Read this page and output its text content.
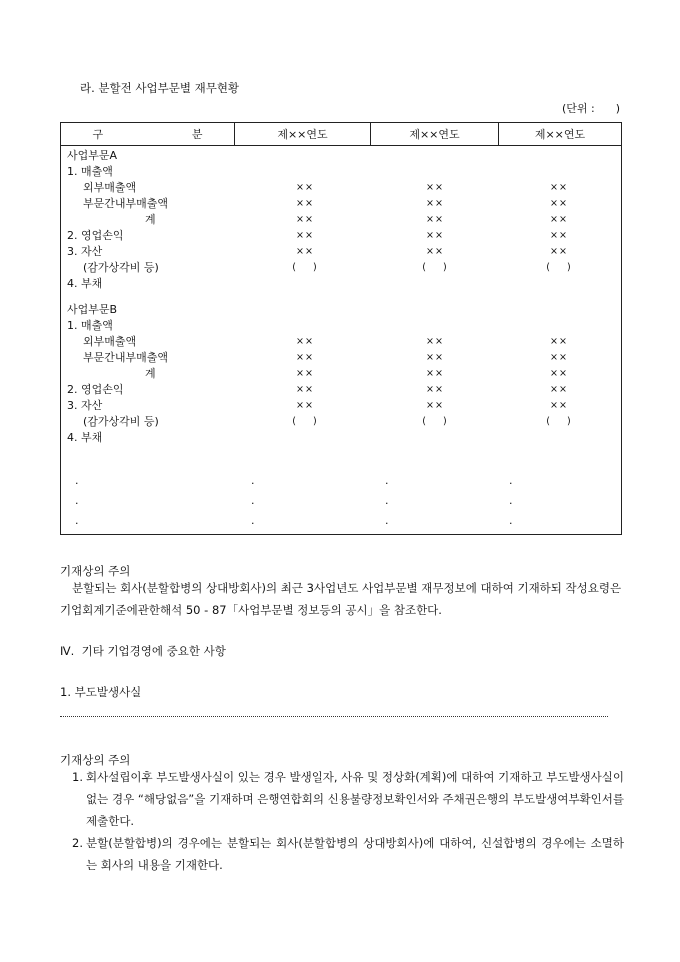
라. 분할전 사업부문별 재무현황
(단위 :      )
구 분	제××연도	제××연도	제××연도

사업부문A
1. 매출액
외부매출액	××	××	××
부문간내부매출액	××	××	××
계	××	××	××
2. 영업손익	××	××	××
3. 자산	××	××	××
(감가상각비 등)	(    )	(    )	(    )
4. 부채
사업부문B
1. 매출액
외부매출액	××	××	××
부문간내부매출액	××	××	××
계	××	××	××
2. 영업손익	××	××	××
3. 자산	××	××	××
(감가상각비 등)	(    )	(    )	(    )
4. 부채
.	.	.	.
.	.	.	.
.	.	.	.
기재상의 주의
분할되는 회사(분할합병의 상대방회사)의 최근 3사업년도 사업부문별 재무정보에 대하여 기재하되 작성요령은 기업회계기준에관한해석 50 - 87「사업부문별 정보등의 공시」을 참조한다.
Ⅳ.  기타 기업경영에 중요한 사항
1. 부도발생사실
기재상의 주의
1. 회사설립이후 부도발생사실이 있는 경우 발생일자, 사유 및 정상화(계획)에 대하여 기재하고 부도발생사실이 없는 경우 “해당없음”을 기재하며 은행연합회의 신용불량정보확인서와 주채권은행의 부도발생여부확인서를 제출한다.
2. 분할(분할합병)의 경우에는 분할되는 회사(분할합병의 상대방회사)에 대하여, 신설합병의 경우에는 소멸하는 회사의 내용을 기재한다.
